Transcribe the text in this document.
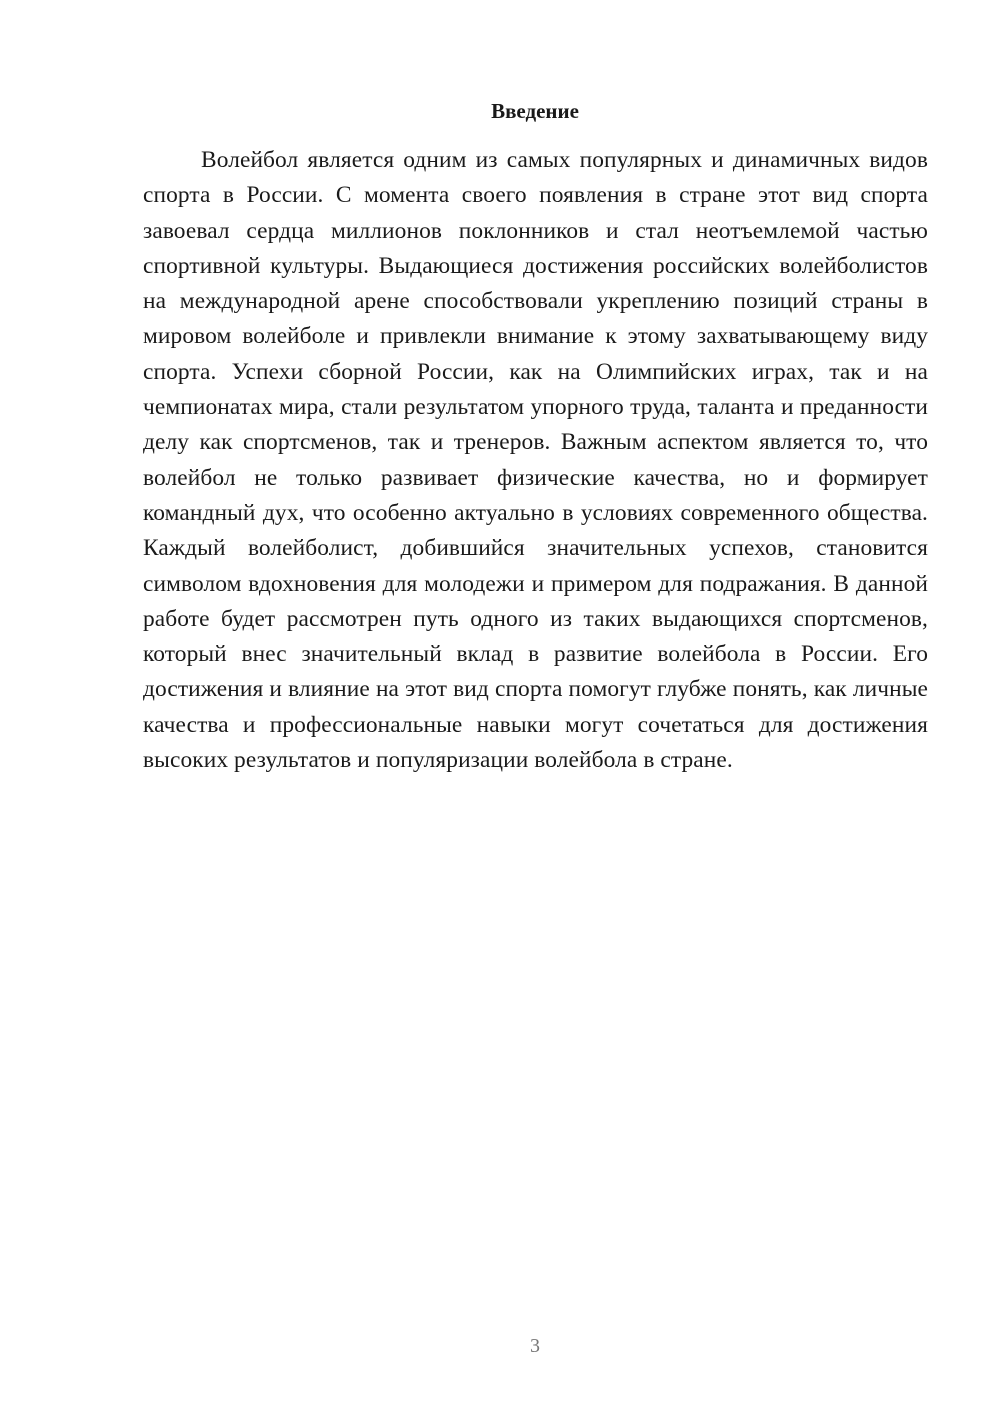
Введение

Волейбол является одним из самых популярных и динамичных видов спорта в России. С момента своего появления в стране этот вид спорта завоевал сердца миллионов поклонников и стал неотъемлемой частью спортивной культуры. Выдающиеся достижения российских волейболистов на международной арене способствовали укреплению позиций страны в мировом волейболе и привлекли внимание к этому захватывающему виду спорта. Успехи сборной России, как на Олимпийских играх, так и на чемпионатах мира, стали результатом упорного труда, таланта и преданности делу как спортсменов, так и тренеров. Важным аспектом является то, что волейбол не только развивает физические качества, но и формирует командный дух, что особенно актуально в условиях современного общества. Каждый волейболист, добившийся значительных успехов, становится символом вдохновения для молодежи и примером для подражания. В данной работе будет рассмотрен путь одного из таких выдающихся спортсменов, который внес значительный вклад в развитие волейбола в России. Его достижения и влияние на этот вид спорта помогут глубже понять, как личные качества и профессиональные навыки могут сочетаться для достижения высоких результатов и популяризации волейбола в стране.

3
